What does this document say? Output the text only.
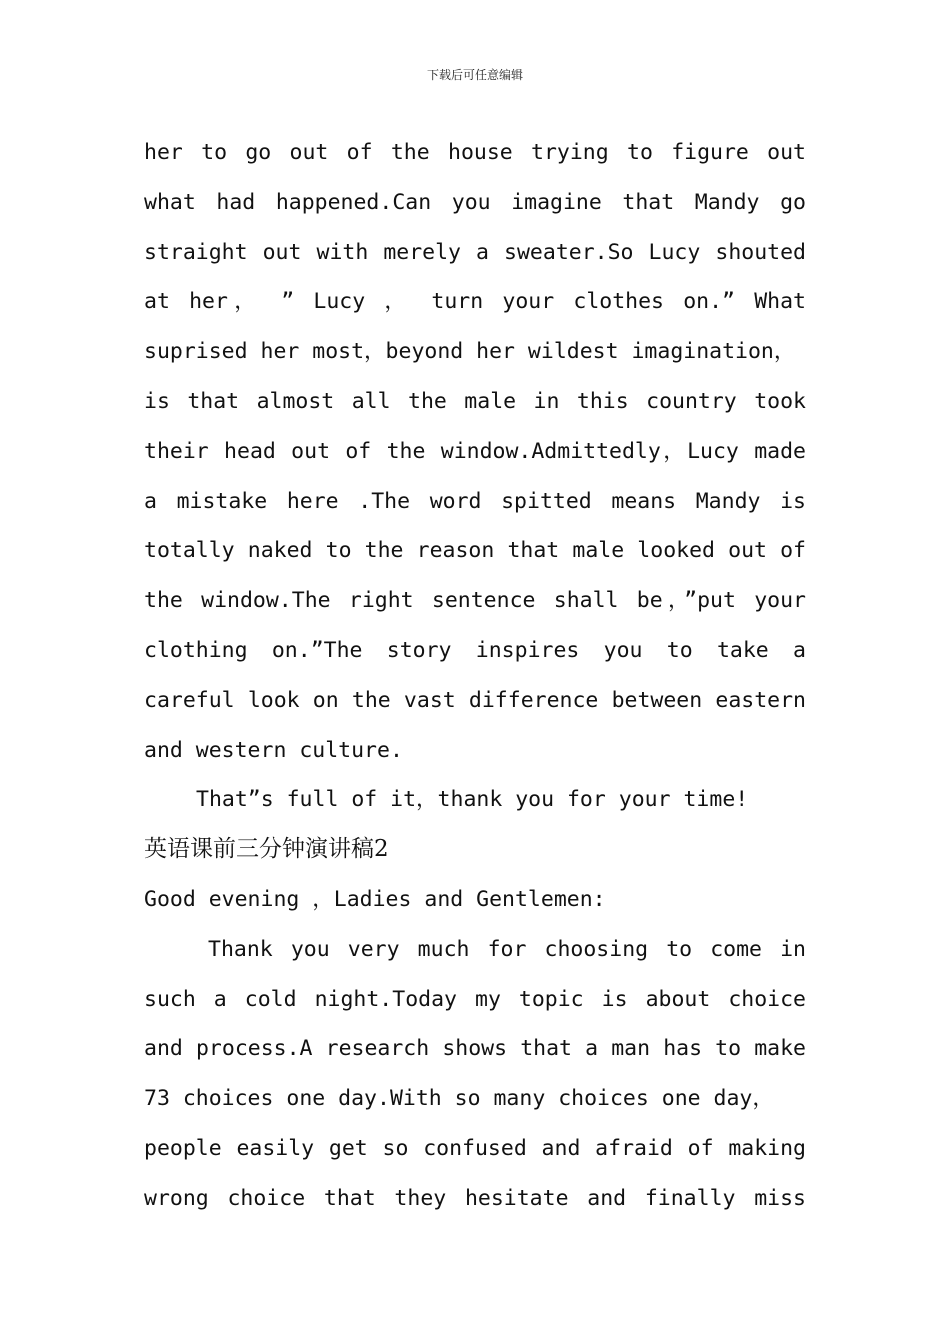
下载后可任意编辑
her to go out of the house trying to figure out
what had happened.Can you imagine that Mandy go
straight out with merely a sweater.So Lucy shouted
at her， ” Lucy ， turn your clothes on.” What
suprised her most，beyond her wildest imagination，
is that almost all the male in this country took
their head out of the window.Admittedly，Lucy made
a mistake here .The word spitted means Mandy is
totally naked to the reason that male looked out of
the window.The right sentence shall be，”put your
clothing on.”The story inspires you to take a
careful look on the vast difference between eastern
and western culture.
That”s full of it，thank you for your time!
英语课前三分钟演讲稿2
Good evening ，Ladies and Gentlemen:
Thank you very much for choosing to come in
such a cold night.Today my topic is about choice
and process.A research shows that a man has to make
73 choices one day.With so many choices one day，
people easily get so confused and afraid of making
wrong choice that they hesitate and finally miss
